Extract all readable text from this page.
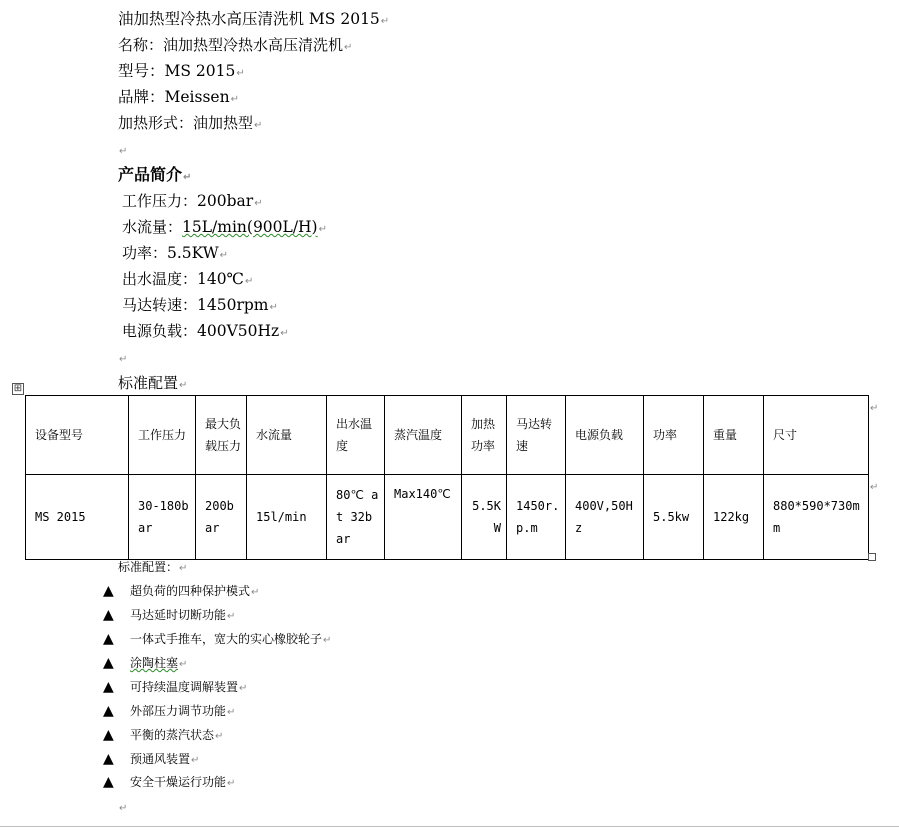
油加热型冷热水高压清洗机 MS 2015↵
名称：油加热型冷热水高压清洗机↵
型号：MS 2015↵
品牌：Meissen↵
加热形式：油加热型↵
↵
产品简介↵
工作压力：200bar↵
水流量：15L/min(900L/H)↵
功率：5.5KW↵
出水温度：140℃↵
马达转速：1450rpm↵
电源负载：400V50Hz↵
↵
标准配置↵
⊞
设备型号	工作压力	最大负载压力	水流量	出水温度	蒸汽温度	加热功率	马达转速	电源负载	功率	重量	尺寸
MS 2015	30-180bar	200bar	15l/min	80℃ at 32bar	Max140℃	5.5KW	1450r.p.m	400V,50Hz	5.5kw	122kg	880*590*730mm
↵
↵
标准配置：↵
▲ 超负荷的四种保护模式↵
▲ 马达延时切断功能↵
▲ 一体式手推车，宽大的实心橡胶轮子↵
▲ 涂陶柱塞↵
▲ 可持续温度调解装置↵
▲ 外部压力调节功能↵
▲ 平衡的蒸汽状态↵
▲ 预通风装置↵
▲ 安全干燥运行功能↵
↵
